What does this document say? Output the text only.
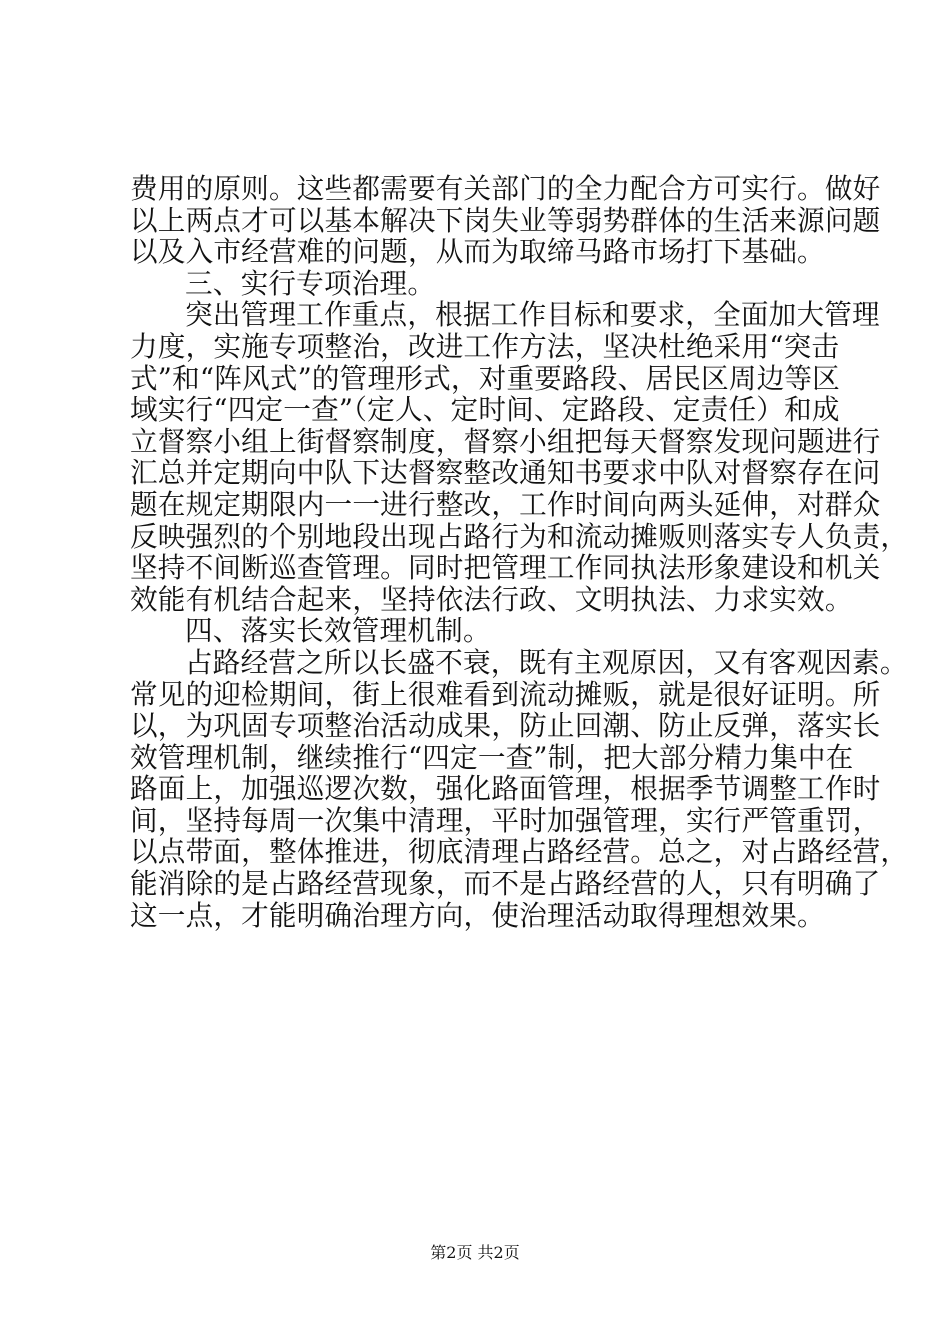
费用的原则。这些都需要有关部门的全力配合方可实行。做好
以上两点才可以基本解决下岗失业等弱势群体的生活来源问题
以及入市经营难的问题，从而为取缔马路市场打下基础。
三、实行专项治理。
突出管理工作重点，根据工作目标和要求，全面加大管理
力度，实施专项整治，改进工作方法，坚决杜绝采用“突击
式”和“阵风式”的管理形式，对重要路段、居民区周边等区
域实行“四定一查”（定人、定时间、定路段、定责任）和成
立督察小组上街督察制度，督察小组把每天督察发现问题进行
汇总并定期向中队下达督察整改通知书要求中队对督察存在问
题在规定期限内一一进行整改，工作时间向两头延伸，对群众
反映强烈的个别地段出现占路行为和流动摊贩则落实专人负责，
坚持不间断巡查管理。同时把管理工作同执法形象建设和机关
效能有机结合起来，坚持依法行政、文明执法、力求实效。
四、落实长效管理机制。
占路经营之所以长盛不衰，既有主观原因，又有客观因素。
常见的迎检期间，街上很难看到流动摊贩，就是很好证明。所
以，为巩固专项整治活动成果，防止回潮、防止反弹，落实长
效管理机制，继续推行“四定一查”制，把大部分精力集中在
路面上，加强巡逻次数，强化路面管理，根据季节调整工作时
间，坚持每周一次集中清理，平时加强管理，实行严管重罚，
以点带面，整体推进，彻底清理占路经营。总之，对占路经营，
能消除的是占路经营现象，而不是占路经营的人，只有明确了
这一点，才能明确治理方向，使治理活动取得理想效果。
第2页 共2页
